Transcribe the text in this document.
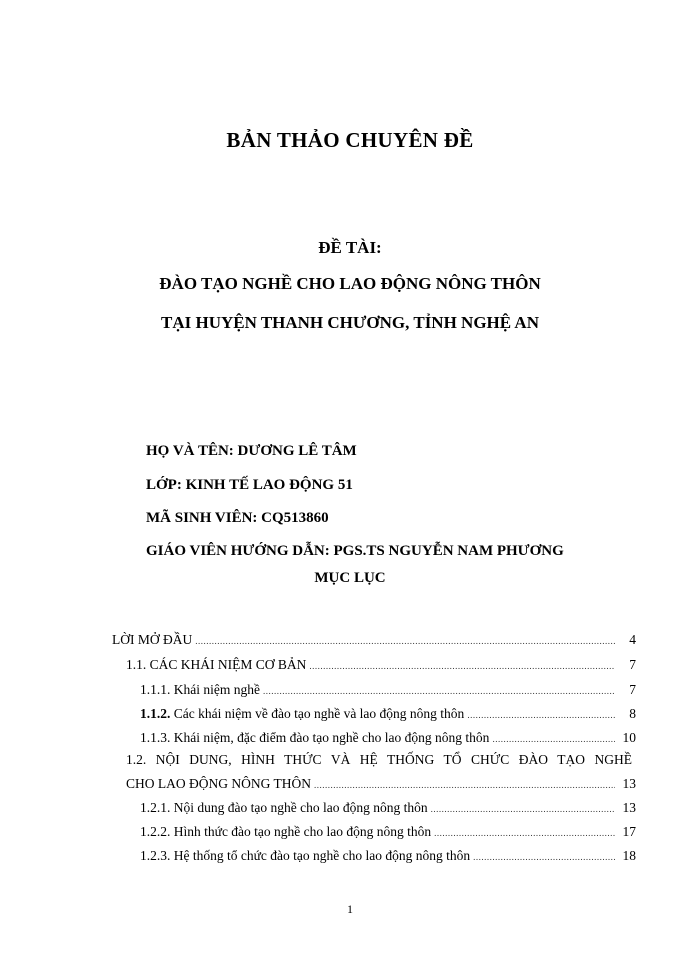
BẢN THẢO CHUYÊN ĐỀ
ĐỀ TÀI:
ĐÀO TẠO NGHỀ CHO LAO ĐỘNG NÔNG THÔN
TẠI HUYỆN THANH CHƯƠNG, TỈNH NGHỆ AN
HỌ VÀ TÊN: DƯƠNG LÊ TÂM
LỚP: KINH TẾ LAO ĐỘNG 51
MÃ SINH VIÊN: CQ513860
GIÁO VIÊN HƯỚNG DẪN: PGS.TS NGUYỄN NAM PHƯƠNG
MỤC LỤC
LỜI MỞ ĐẦU .....	4
1.1. CÁC KHÁI NIỆM CƠ BẢN .....	7
1.1.1. Khái niệm nghề .....	7
1.1.2. Các khái niệm về đào tạo nghề và lao động nông thôn .....	8
1.1.3. Khái niệm, đặc điểm đào tạo nghề cho lao động nông thôn .....	10
1.2. NỘI DUNG, HÌNH THỨC VÀ HỆ THỐNG TỔ CHỨC ĐÀO TẠO NGHỀ
CHO LAO ĐỘNG NÔNG THÔN .....	13
1.2.1. Nội dung đào tạo nghề cho lao động nông thôn .....	13
1.2.2. Hình thức đào tạo nghề cho lao động nông thôn .....	17
1.2.3. Hệ thống tổ chức đào tạo nghề cho lao động nông thôn .....	18
1
